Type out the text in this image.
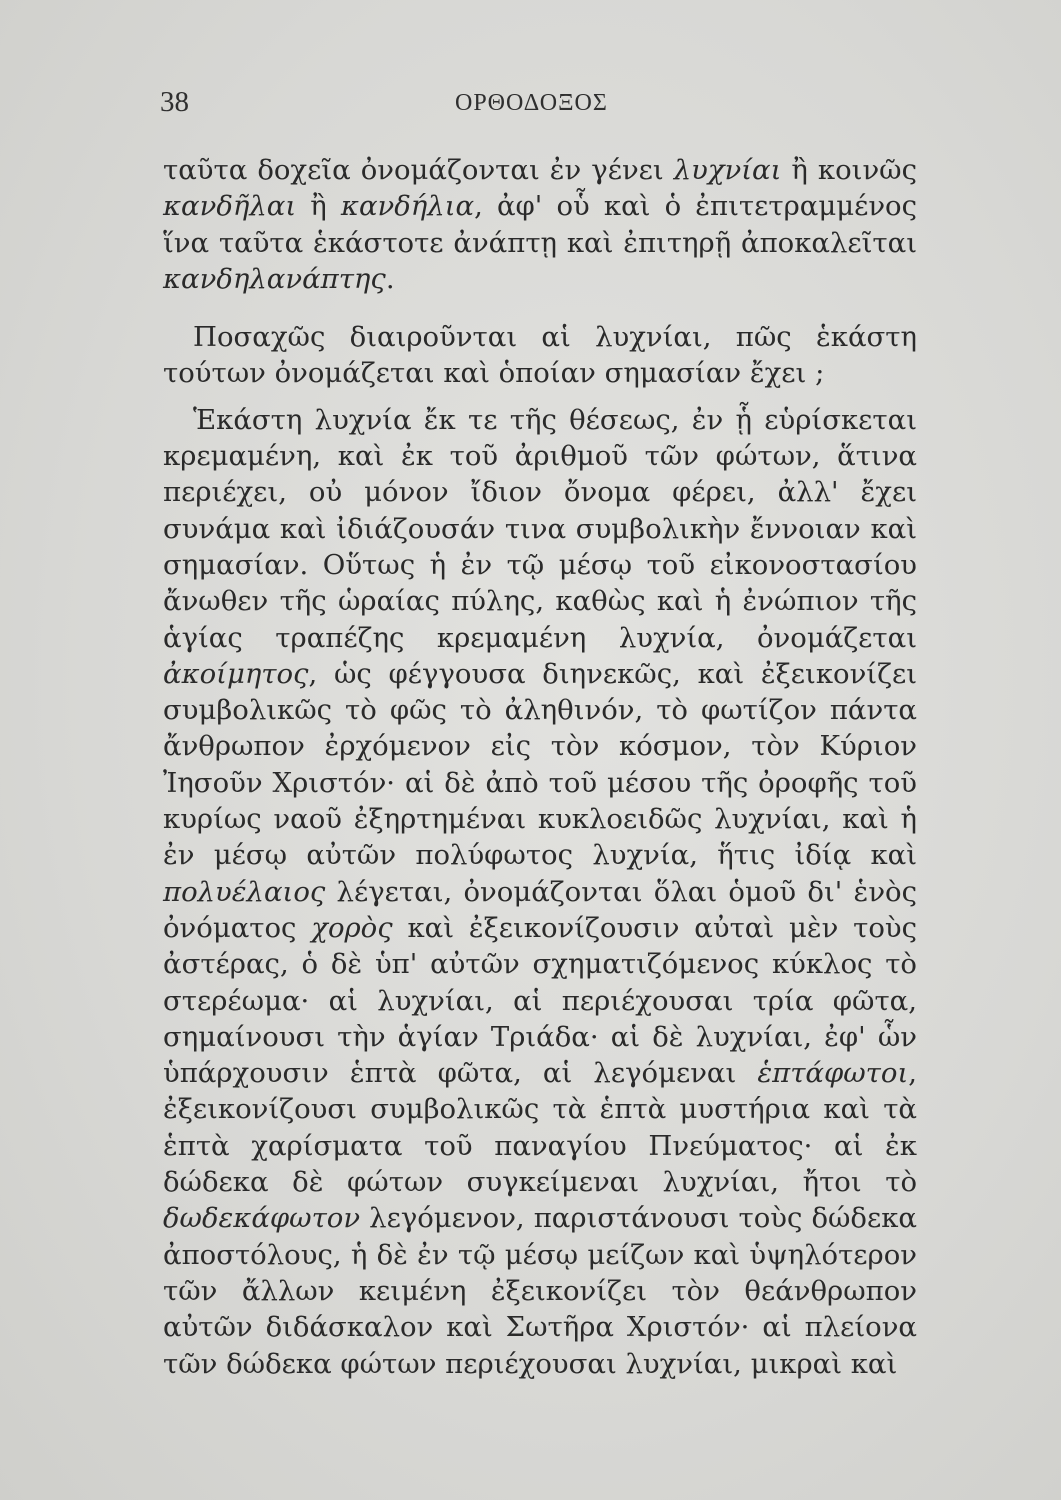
38	ΟΡΘΟΔΟΞΟΣ

ταῦτα δοχεῖα ὀνομάζονται ἐν γένει λυχνίαι ἢ κοινῶς κανδῆλαι ἢ κανδήλια, ἀφ' οὗ καὶ ὁ ἐπιτετραμμένος ἵνα ταῦτα ἑκάστοτε ἀνάπτῃ καὶ ἐπιτηρῇ ἀποκαλεῖται κανδηλανάπτης.

Ποσαχῶς διαιροῦνται αἱ λυχνίαι, πῶς ἑκάστη τούτων ὀνομάζεται καὶ ὁποίαν σημασίαν ἔχει ;

Ἑκάστη λυχνία ἔκ τε τῆς θέσεως, ἐν ᾗ εὑρίσκεται κρεμαμένη, καὶ ἐκ τοῦ ἀριθμοῦ τῶν φώτων, ἅτινα περιέχει, οὐ μόνον ἴδιον ὄνομα φέρει, ἀλλ' ἔχει συνάμα καὶ ἰδιάζουσάν τινα συμβολικὴν ἔννοιαν καὶ σημασίαν. Οὕτως ἡ ἐν τῷ μέσῳ τοῦ εἰκονοστασίου ἄνωθεν τῆς ὡραίας πύλης, καθὼς καὶ ἡ ἐνώπιον τῆς ἁγίας τραπέζης κρεμαμένη λυχνία, ὀνομάζεται ἀκοίμητος, ὡς φέγγουσα διηνεκῶς, καὶ ἐξεικονίζει συμβολικῶς τὸ φῶς τὸ ἀληθινόν, τὸ φωτίζον πάντα ἄνθρωπον ἐρχόμενον εἰς τὸν κόσμον, τὸν Κύριον Ἰησοῦν Χριστόν· αἱ δὲ ἀπὸ τοῦ μέσου τῆς ὀροφῆς τοῦ κυρίως ναοῦ ἐξηρτημέναι κυκλοειδῶς λυχνίαι, καὶ ἡ ἐν μέσῳ αὐτῶν πολύφωτος λυχνία, ἥτις ἰδίᾳ καὶ πολυέλαιος λέγεται, ὀνομάζονται ὅλαι ὁμοῦ δι' ἑνὸς ὀνόματος χορὸς καὶ ἐξεικονίζουσιν αὐταὶ μὲν τοὺς ἀστέρας, ὁ δὲ ὑπ' αὐτῶν σχηματιζόμενος κύκλος τὸ στερέωμα· αἱ λυχνίαι, αἱ περιέχουσαι τρία φῶτα, σημαίνουσι τὴν ἁγίαν Τριάδα· αἱ δὲ λυχνίαι, ἐφ' ὧν ὑπάρχουσιν ἑπτὰ φῶτα, αἱ λεγόμεναι ἑπτάφωτοι, ἐξεικονίζουσι συμβολικῶς τὰ ἑπτὰ μυστήρια καὶ τὰ ἑπτὰ χαρίσματα τοῦ παναγίου Πνεύματος· αἱ ἐκ δώδεκα δὲ φώτων συγκείμεναι λυχνίαι, ἤτοι τὸ δωδεκάφωτον λεγόμενον, παριστάνουσι τοὺς δώδεκα ἀποστόλους, ἡ δὲ ἐν τῷ μέσῳ μείζων καὶ ὑψηλότερον τῶν ἄλλων κειμένη ἐξεικονίζει τὸν θεάνθρωπον αὐτῶν διδάσκαλον καὶ Σωτῆρα Χριστόν· αἱ πλείονα τῶν δώδεκα φώτων περιέχουσαι λυχνίαι, μικραὶ καὶ
